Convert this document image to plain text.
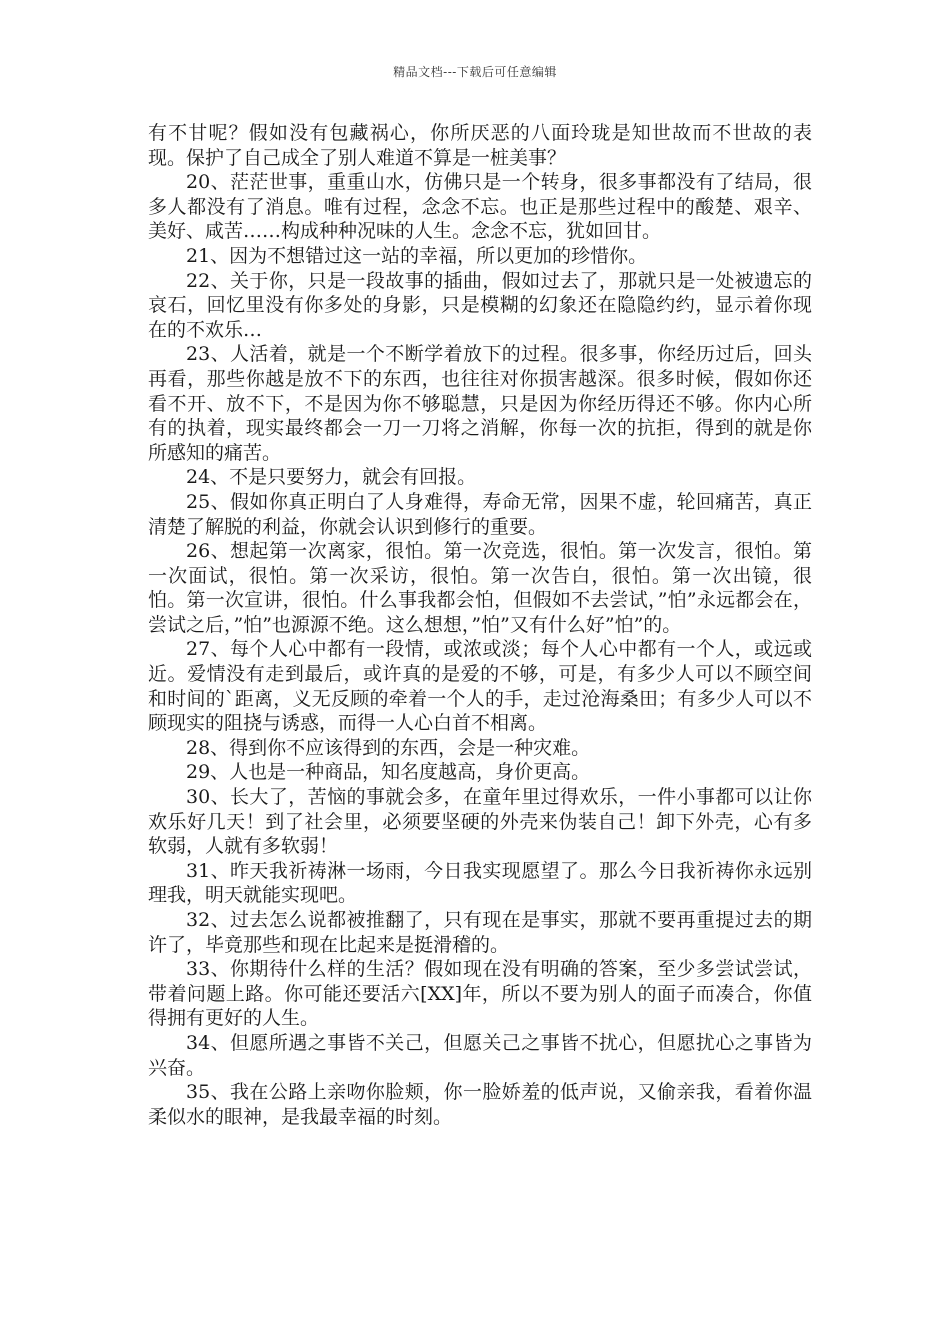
精品文档---下载后可任意编辑

有不甘呢？假如没有包藏祸心，你所厌恶的八面玲珑是知世故而不世故的表现。保护了自己成全了别人难道不算是一桩美事？

20、茫茫世事，重重山水，仿佛只是一个转身，很多事都没有了结局，很多人都没有了消息。唯有过程，念念不忘。也正是那些过程中的酸楚、艰辛、美好、咸苦……构成种种况味的人生。念念不忘，犹如回甘。

21、因为不想错过这一站的幸福，所以更加的珍惜你。

22、关于你，只是一段故事的插曲，假如过去了，那就只是一处被遗忘的哀石，回忆里没有你多处的身影，只是模糊的幻象还在隐隐约约，显示着你现在的不欢乐…

23、人活着，就是一个不断学着放下的过程。很多事，你经历过后，回头再看，那些你越是放不下的东西，也往往对你损害越深。很多时候，假如你还看不开、放不下，不是因为你不够聪慧，只是因为你经历得还不够。你内心所有的执着，现实最终都会一刀一刀将之消解，你每一次的抗拒，得到的就是你所感知的痛苦。

24、不是只要努力，就会有回报。

25、假如你真正明白了人身难得，寿命无常，因果不虚，轮回痛苦，真正清楚了解脱的利益，你就会认识到修行的重要。

26、想起第一次离家，很怕。第一次竞选，很怕。第一次发言，很怕。第一次面试，很怕。第一次采访，很怕。第一次告白，很怕。第一次出镜，很怕。第一次宣讲，很怕。什么事我都会怕，但假如不去尝试，”怕”永远都会在，尝试之后，”怕”也源源不绝。这么想想，”怕”又有什么好”怕”的。

27、每个人心中都有一段情，或浓或淡；每个人心中都有一个人，或远或近。爱情没有走到最后，或许真的是爱的不够，可是，有多少人可以不顾空间和时间的`距离，义无反顾的牵着一个人的手，走过沧海桑田；有多少人可以不顾现实的阻挠与诱惑，而得一人心白首不相离。

28、得到你不应该得到的东西，会是一种灾难。

29、人也是一种商品，知名度越高，身价更高。

30、长大了，苦恼的事就会多，在童年里过得欢乐，一件小事都可以让你欢乐好几天！到了社会里，必须要坚硬的外壳来伪装自己！卸下外壳，心有多软弱，人就有多软弱！

31、昨天我祈祷淋一场雨，今日我实现愿望了。那么今日我祈祷你永远别理我，明天就能实现吧。

32、过去怎么说都被推翻了，只有现在是事实，那就不要再重提过去的期许了，毕竟那些和现在比起来是挺滑稽的。

33、你期待什么样的生活？假如现在没有明确的答案，至少多尝试尝试，带着问题上路。你可能还要活六[XX]年，所以不要为别人的面子而凑合，你值得拥有更好的人生。

34、但愿所遇之事皆不关己，但愿关己之事皆不扰心，但愿扰心之事皆为兴奋。

35、我在公路上亲吻你脸颊，你一脸娇羞的低声说，又偷亲我，看着你温柔似水的眼神，是我最幸福的时刻。
